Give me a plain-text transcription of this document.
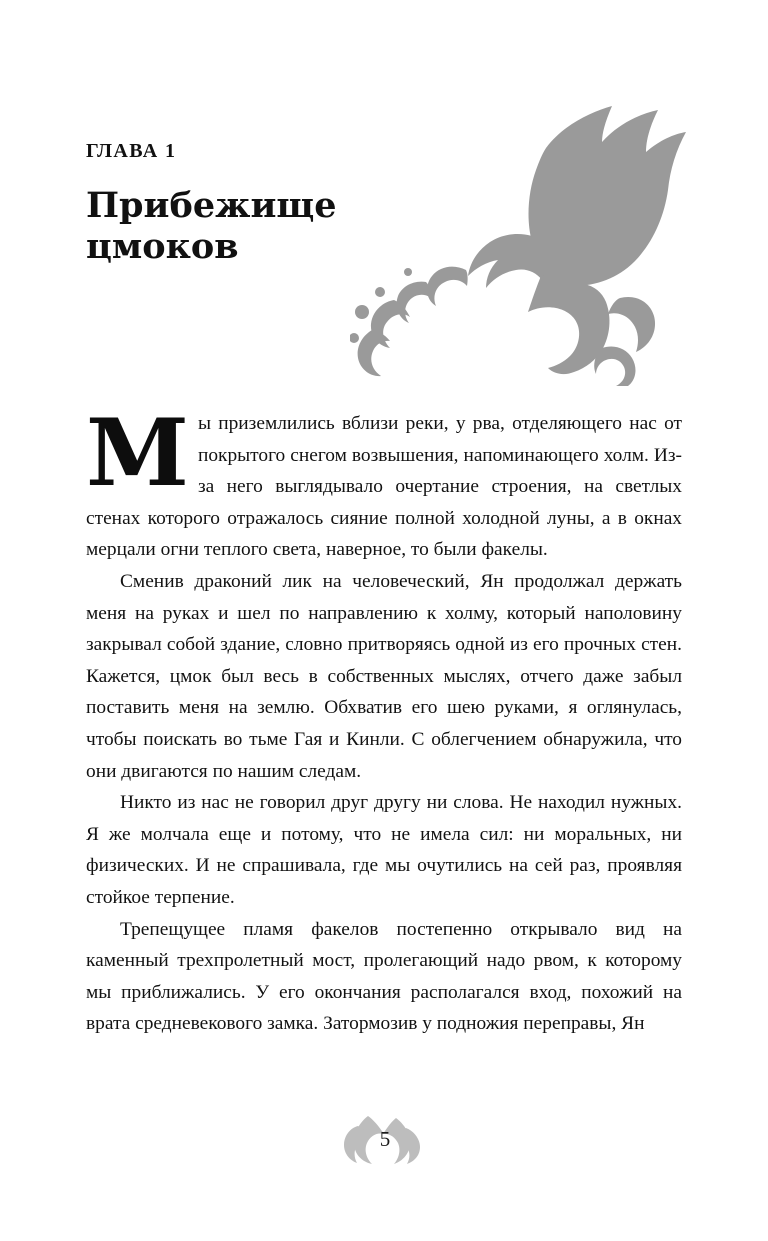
ГЛАВА 1
Прибежище цмоков

Мы приземлились вблизи реки, у рва, отделяющего нас от покрытого снегом возвышения, напоминающего холм. Из-за него выглядывало очертание строения, на светлых стенах которого отражалось сияние полной холодной луны, а в окнах мерцали огни теплого света, наверное, то были факелы.

Сменив драконий лик на человеческий, Ян продолжал держать меня на руках и шел по направлению к холму, который наполовину закрывал собой здание, словно притворяясь одной из его прочных стен. Кажется, цмок был весь в собственных мыслях, отчего даже забыл поставить меня на землю. Обхватив его шею руками, я оглянулась, чтобы поискать во тьме Гая и Кинли. С облегчением обнаружила, что они двигаются по нашим следам.

Никто из нас не говорил друг другу ни слова. Не находил нужных. Я же молчала еще и потому, что не имела сил: ни моральных, ни физических. И не спрашивала, где мы очутились на сей раз, проявляя стойкое терпение.

Трепещущее пламя факелов постепенно открывало вид на каменный трехпролетный мост, пролегающий надо рвом, к которому мы приближались. У его окончания располагался вход, похожий на врата средневекового замка. Затормозив у подножия переправы, Ян

5
